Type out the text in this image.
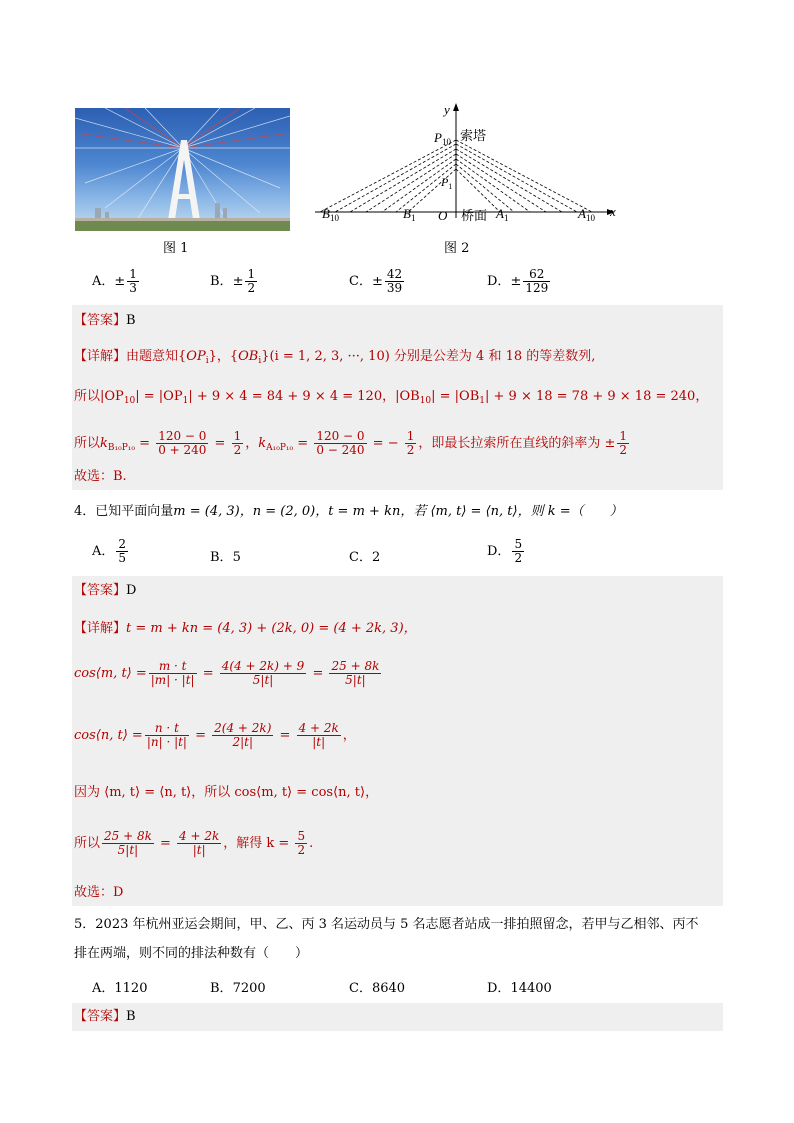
图 1
y
x
O
$P_{10}$ 索塔
$P_1$
$B_{10}$	$B_1$	桥面 $A_1$	$A_{10}$
图 2
A．± $\frac{1}{3}$	B．± $\frac{1}{2}$	C．± $\frac{42}{39}$	D．± $\frac{62}{129}$
【答案】B
【详解】由题意知$\{OP_i\}$，$\{OB_i\}(i = 1$, 2, 3, ···, 10) 分别是公差为 4 和 18 的等差数列,
所以$|OP_{10}| = |OP_1| + 9 \times 4 = 84 + 9 \times 4 = 120$，$|OB_{10}| = |OB_1| + 9 \times 18 = 78 + 9 \times 18 = 240$，
所以$k_{B_{10}P_{10}} = \frac{120 - 0}{0 + 240} = \frac{1}{2}$ ，$k_{A_{10}P_{10}} = \frac{120 - 0}{0 - 240}$ = − $\frac{1}{2}$ ，即最长拉索所在直线的斜率为 ± $\frac{1}{2}$
故选：B.
4．已知平面向量m = (4, 3)，n = (2, 0)，t = m + kn，若 ⟨m, t⟩ = ⟨n, t⟩，则 k =（　　）
A． $\frac{2}{5}$	B．5	C．2	D． $\frac{5}{2}$
【答案】D
【详解】t = m + kn = (4, 3) + (2k, 0) = (4 + 2k, 3)，
cos⟨m, t⟩ = $\frac{m \cdot t}{|m| \cdot |t|} = \frac{4(4 + 2k) + 9}{5|t|} = \frac{25 + 8k}{5|t|}$
cos⟨n, t⟩ = $\frac{n \cdot t}{|n| \cdot |t|} = \frac{2(4 + 2k)}{2|t|} = \frac{4 + 2k}{|t|}$ ，
因为 ⟨m, t⟩ = ⟨n, t⟩，所以 cos⟨m, t⟩ = cos⟨n, t⟩，
所以 $\frac{25 + 8k}{5|t|} = \frac{4 + 2k}{|t|}$ ，解得 $k = \frac{5}{2}$ .
故选：D
5．2023 年杭州亚运会期间，甲、乙、丙 3 名运动员与 5 名志愿者站成一排拍照留念，若甲与乙相邻、丙不
排在两端，则不同的排法种数有（　　）
A．1120	B．7200	C．8640	D．14400
【答案】B
